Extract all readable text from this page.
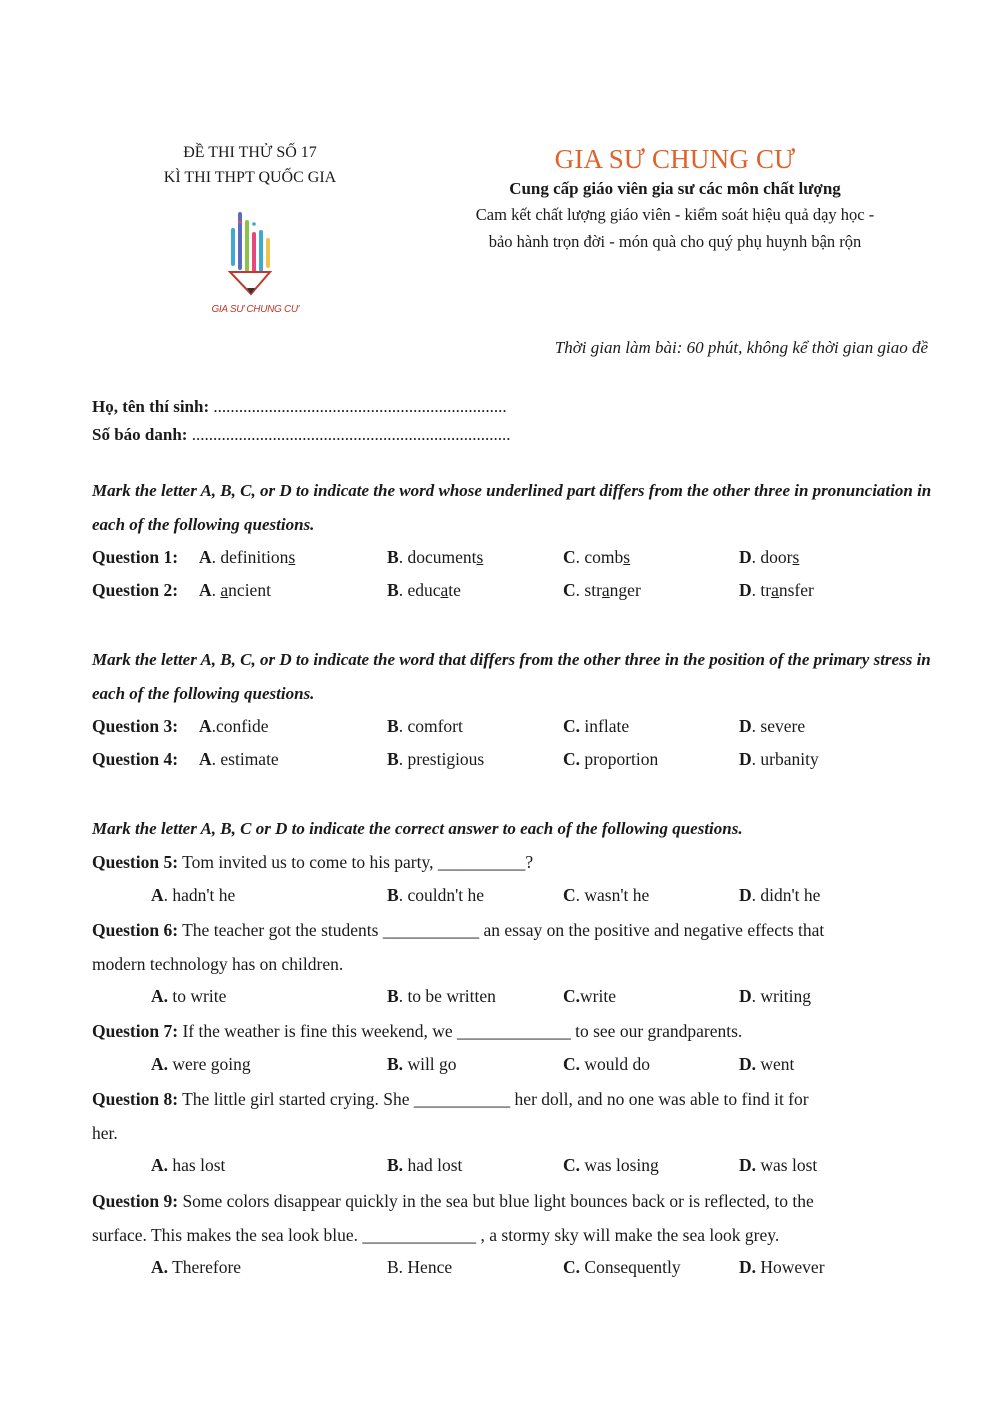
ĐỀ THI THỬ SỐ 17
KÌ THI THPT QUỐC GIA
GIA SƯ CHUNG CƯ
GIA SƯ CHUNG CƯ
Cung cấp giáo viên gia sư các môn chất lượng
Cam kết chất lượng giáo viên - kiểm soát hiệu quả dạy học -
bảo hành trọn đời - món quà cho quý phụ huynh bận rộn
Thời gian làm bài: 60 phút, không kể thời gian giao đề
Họ, tên thí sinh: .....................................................................
Số báo danh: ...........................................................................
Mark the letter A, B, C, or D to indicate the word whose underlined part differs from the other three in pronunciation in each of the following questions.
Question 1: A. definitions	B. documents	C. combs	D. doors
Question 2: A. ancient	B. educate	C. stranger	D. transfer
Mark the letter A, B, C, or D to indicate the word that differs from the other three in the position of the primary stress in each of the following questions.
Question 3: A.confide	B. comfort	C. inflate	D. severe
Question 4: A. estimate	B. prestigious	C. proportion	D. urbanity
Mark the letter A, B, C or D to indicate the correct answer to each of the following questions.
Question 5: Tom invited us to come to his party, __________?
A. hadn't he	B. couldn't he	C. wasn't he	D. didn't he
Question 6: The teacher got the students ___________ an essay on the positive and negative effects that
modern technology has on children.
A. to write	B. to be written	C.write	D. writing
Question 7: If the weather is fine this weekend, we _____________ to see our grandparents.
A. were going	B. will go	C. would do	D. went
Question 8: The little girl started crying. She ___________ her doll, and no one was able to find it for
her.
A. has lost	B. had lost	C. was losing	D. was lost
Question 9: Some colors disappear quickly in the sea but blue light bounces back or is reflected, to the
surface. This makes the sea look blue. _____________ , a stormy sky will make the sea look grey.
A. Therefore	B. Hence	C. Consequently	D. However
